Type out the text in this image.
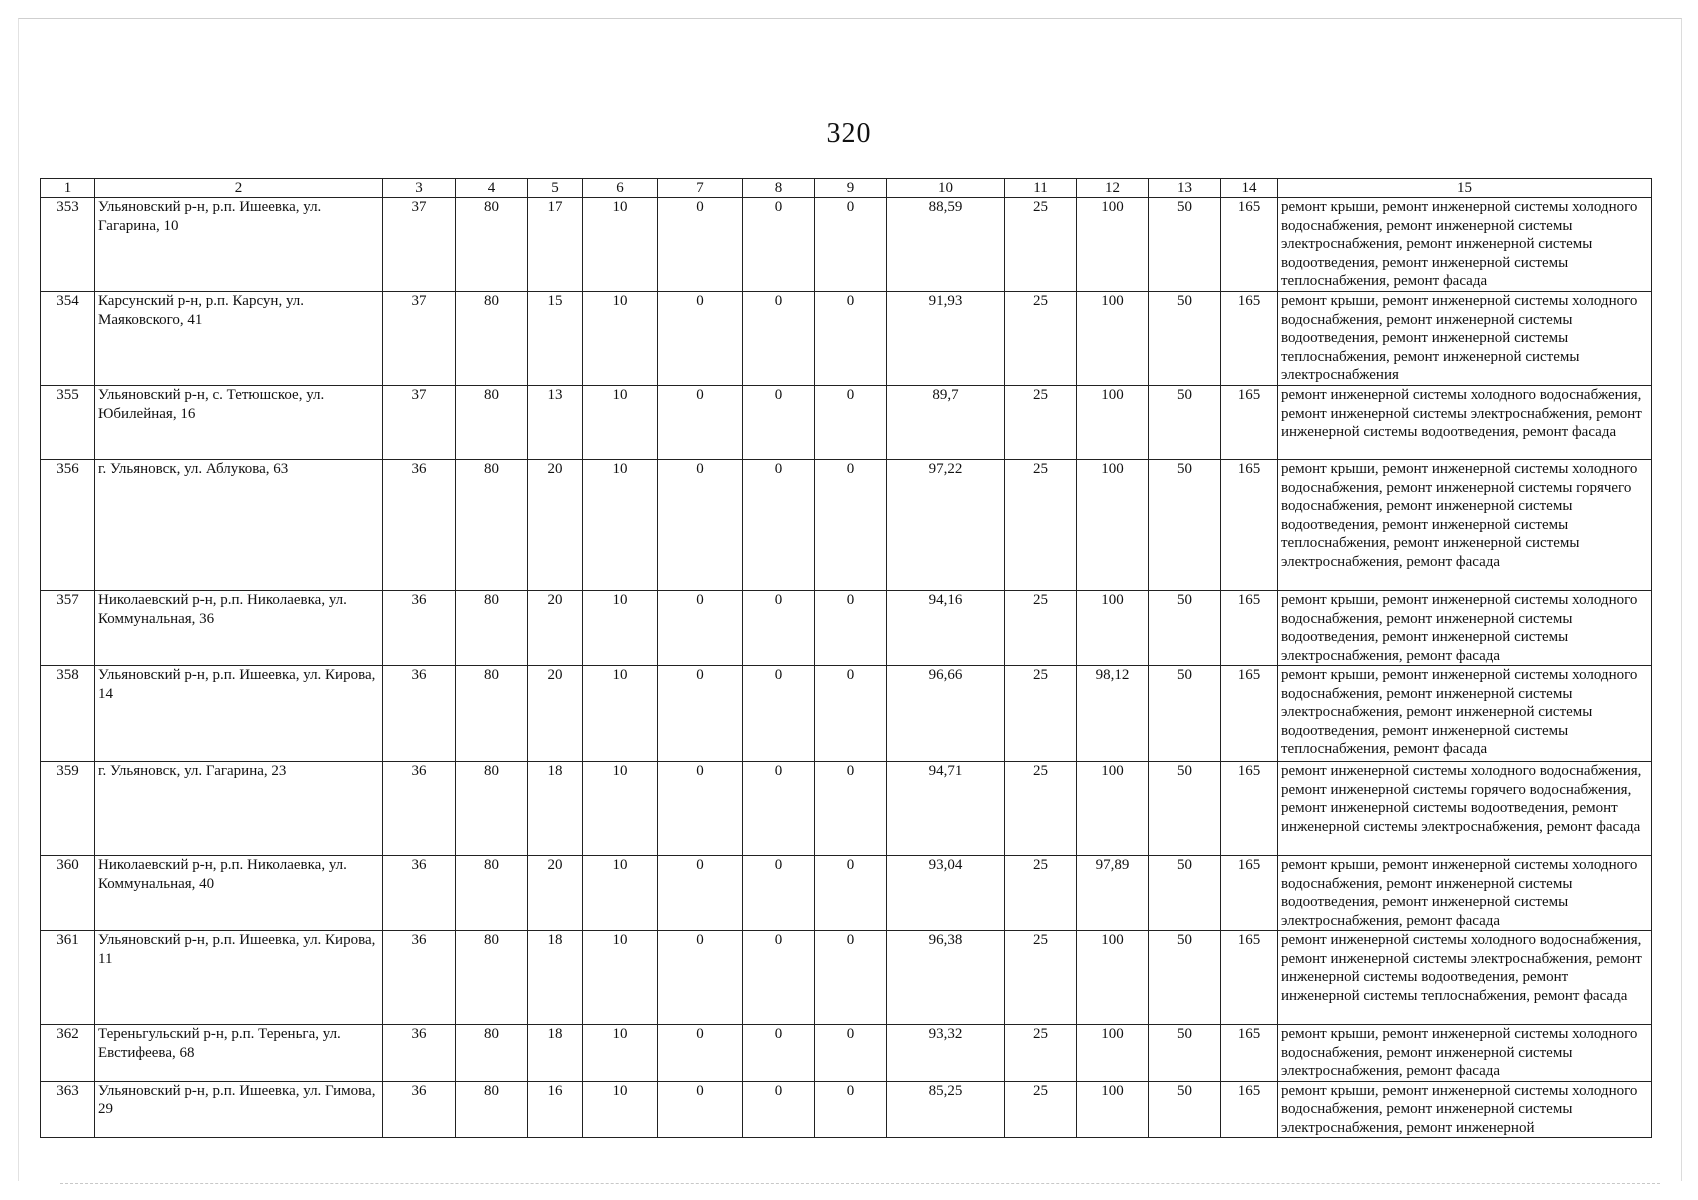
320
1	2	3	4	5	6	7	8	9	10	11	12	13	14	15
353	Ульяновский р-н, р.п. Ишеевка, ул. Гагарина, 10	37	80	17	10	0	0	0	88,59	25	100	50	165	ремонт крыши, ремонт инженерной системы холодного водоснабжения, ремонт инженерной системы электроснабжения, ремонт инженерной системы водоотведения, ремонт инженерной системы теплоснабжения, ремонт фасада
354	Карсунский р-н, р.п. Карсун, ул. Маяковского, 41	37	80	15	10	0	0	0	91,93	25	100	50	165	ремонт крыши, ремонт инженерной системы холодного водоснабжения, ремонт инженерной системы водоотведения, ремонт инженерной системы теплоснабжения, ремонт инженерной системы электроснабжения
355	Ульяновский р-н, с. Тетюшское, ул. Юбилейная, 16	37	80	13	10	0	0	0	89,7	25	100	50	165	ремонт инженерной системы холодного водоснабжения, ремонт инженерной системы электроснабжения, ремонт инженерной системы водоотведения, ремонт фасада
356	г. Ульяновск, ул. Аблукова, 63	36	80	20	10	0	0	0	97,22	25	100	50	165	ремонт крыши, ремонт инженерной системы холодного водоснабжения, ремонт инженерной системы горячего водоснабжения, ремонт инженерной системы водоотведения, ремонт инженерной системы теплоснабжения, ремонт инженерной системы электроснабжения, ремонт фасада
357	Николаевский р-н, р.п. Николаевка, ул. Коммунальная, 36	36	80	20	10	0	0	0	94,16	25	100	50	165	ремонт крыши, ремонт инженерной системы холодного водоснабжения, ремонт инженерной системы водоотведения, ремонт инженерной системы электроснабжения, ремонт фасада
358	Ульяновский р-н, р.п. Ишеевка, ул. Кирова, 14	36	80	20	10	0	0	0	96,66	25	98,12	50	165	ремонт крыши, ремонт инженерной системы холодного водоснабжения, ремонт инженерной системы электроснабжения, ремонт инженерной системы водоотведения, ремонт инженерной системы теплоснабжения, ремонт фасада
359	г. Ульяновск, ул. Гагарина, 23	36	80	18	10	0	0	0	94,71	25	100	50	165	ремонт инженерной системы холодного водоснабжения, ремонт инженерной системы горячего водоснабжения, ремонт инженерной системы водоотведения, ремонт инженерной системы электроснабжения, ремонт фасада
360	Николаевский р-н, р.п. Николаевка, ул. Коммунальная, 40	36	80	20	10	0	0	0	93,04	25	97,89	50	165	ремонт крыши, ремонт инженерной системы холодного водоснабжения, ремонт инженерной системы водоотведения, ремонт инженерной системы электроснабжения, ремонт фасада
361	Ульяновский р-н, р.п. Ишеевка, ул. Кирова, 11	36	80	18	10	0	0	0	96,38	25	100	50	165	ремонт инженерной системы холодного водоснабжения, ремонт инженерной системы электроснабжения, ремонт инженерной системы водоотведения, ремонт инженерной системы теплоснабжения, ремонт фасада
362	Тереньгульский р-н, р.п. Тереньга, ул. Евстифеева, 68	36	80	18	10	0	0	0	93,32	25	100	50	165	ремонт крыши, ремонт инженерной системы холодного водоснабжения, ремонт инженерной системы электроснабжения, ремонт фасада
363	Ульяновский р-н, р.п. Ишеевка, ул. Гимова, 29	36	80	16	10	0	0	0	85,25	25	100	50	165	ремонт крыши, ремонт инженерной системы холодного водоснабжения, ремонт инженерной системы электроснабжения, ремонт инженерной
